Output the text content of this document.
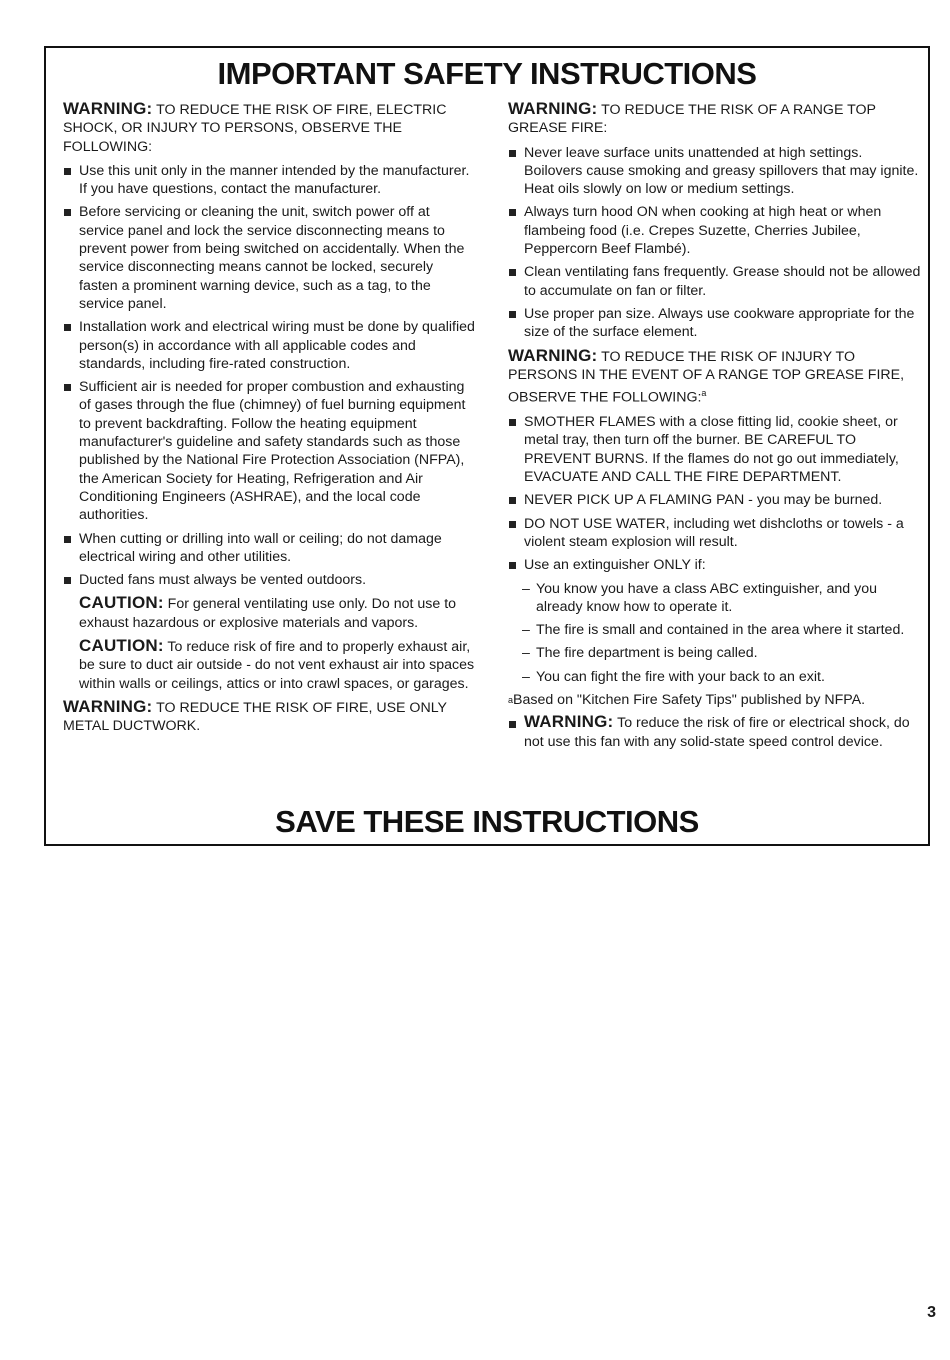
IMPORTANT SAFETY INSTRUCTIONS

WARNING: TO REDUCE THE RISK OF FIRE, ELECTRIC SHOCK, OR INJURY TO PERSONS, OBSERVE THE FOLLOWING:

Use this unit only in the manner intended by the manufacturer. If you have questions, contact the manufacturer.
Before servicing or cleaning the unit, switch power off at service panel and lock the service disconnecting means to prevent power from being switched on accidentally. When the service disconnecting means cannot be locked, securely fasten a prominent warning device, such as a tag, to the service panel.
Installation work and electrical wiring must be done by qualified person(s) in accordance with all applicable codes and standards, including fire-rated construction.
Sufficient air is needed for proper combustion and exhausting of gases through the flue (chimney) of fuel burning equipment to prevent backdrafting. Follow the heating equipment manufacturer's guideline and safety standards such as those published by the National Fire Protection Association (NFPA), the American Society for Heating, Refrigeration and Air Conditioning Engineers (ASHRAE), and the local code authorities.
When cutting or drilling into wall or ceiling; do not damage electrical wiring and other utilities.
Ducted fans must always be vented outdoors.

CAUTION: For general ventilating use only. Do not use to exhaust hazardous or explosive materials and vapors.

CAUTION: To reduce risk of fire and to properly exhaust air, be sure to duct air outside - do not vent exhaust air into spaces within walls or ceilings, attics or into crawl spaces, or garages.

WARNING: TO REDUCE THE RISK OF FIRE, USE ONLY METAL DUCTWORK.

WARNING: TO REDUCE THE RISK OF A RANGE TOP GREASE FIRE:

Never leave surface units unattended at high settings. Boilovers cause smoking and greasy spillovers that may ignite. Heat oils slowly on low or medium settings.
Always turn hood ON when cooking at high heat or when flambeing food (i.e. Crepes Suzette, Cherries Jubilee, Peppercorn Beef Flambé).
Clean ventilating fans frequently. Grease should not be allowed to accumulate on fan or filter.
Use proper pan size. Always use cookware appropriate for the size of the surface element.

WARNING: TO REDUCE THE RISK OF INJURY TO PERSONS IN THE EVENT OF A RANGE TOP GREASE FIRE, OBSERVE THE FOLLOWING:$^a$

SMOTHER FLAMES with a close fitting lid, cookie sheet, or metal tray, then turn off the burner. BE CAREFUL TO PREVENT BURNS. If the flames do not go out immediately, EVACUATE AND CALL THE FIRE DEPARTMENT.
NEVER PICK UP A FLAMING PAN - you may be burned.
DO NOT USE WATER, including wet dishcloths or towels - a violent steam explosion will result.
Use an extinguisher ONLY if:
– You know you have a class ABC extinguisher, and you already know how to operate it.
– The fire is small and contained in the area where it started.
– The fire department is being called.
– You can fight the fire with your back to an exit.

$^a$Based on "Kitchen Fire Safety Tips" published by NFPA.

WARNING: To reduce the risk of fire or electrical shock, do not use this fan with any solid-state speed control device.

SAVE THESE INSTRUCTIONS
3
